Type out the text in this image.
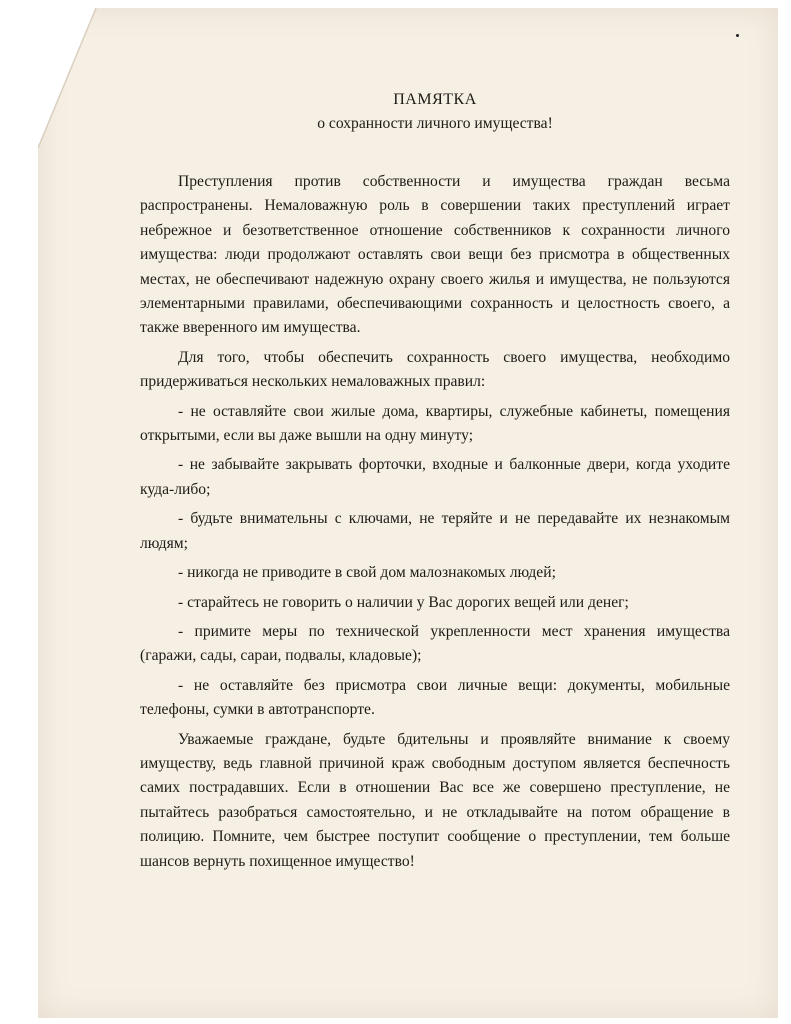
ПАМЯТКА
о сохранности личного имущества!

Преступления против собственности и имущества граждан весьма распространены. Немаловажную роль в совершении таких преступлений играет небрежное и безответственное отношение собственников к сохранности личного имущества: люди продолжают оставлять свои вещи без присмотра в общественных местах, не обеспечивают надежную охрану своего жилья и имущества, не пользуются элементарными правилами, обеспечивающими сохранность и целостность своего, а также вверенного им имущества.

Для того, чтобы обеспечить сохранность своего имущества, необходимо придерживаться нескольких немаловажных правил:

- не оставляйте свои жилые дома, квартиры, служебные кабинеты, помещения открытыми, если вы даже вышли на одну минуту;

- не забывайте закрывать форточки, входные и балконные двери, когда уходите куда-либо;

- будьте внимательны с ключами, не теряйте и не передавайте их незнакомым людям;

- никогда не приводите в свой дом малознакомых людей;

- старайтесь не говорить о наличии у Вас дорогих вещей или денег;

- примите меры по технической укрепленности мест хранения имущества (гаражи, сады, сараи, подвалы, кладовые);

- не оставляйте без присмотра свои личные вещи: документы, мобильные телефоны, сумки в автотранспорте.

Уважаемые граждане, будьте бдительны и проявляйте внимание к своему имуществу, ведь главной причиной краж свободным доступом является беспечность самих пострадавших. Если в отношении Вас все же совершено преступление, не пытайтесь разобраться самостоятельно, и не откладывайте на потом обращение в полицию. Помните, чем быстрее поступит сообщение о преступлении, тем больше шансов вернуть похищенное имущество!
